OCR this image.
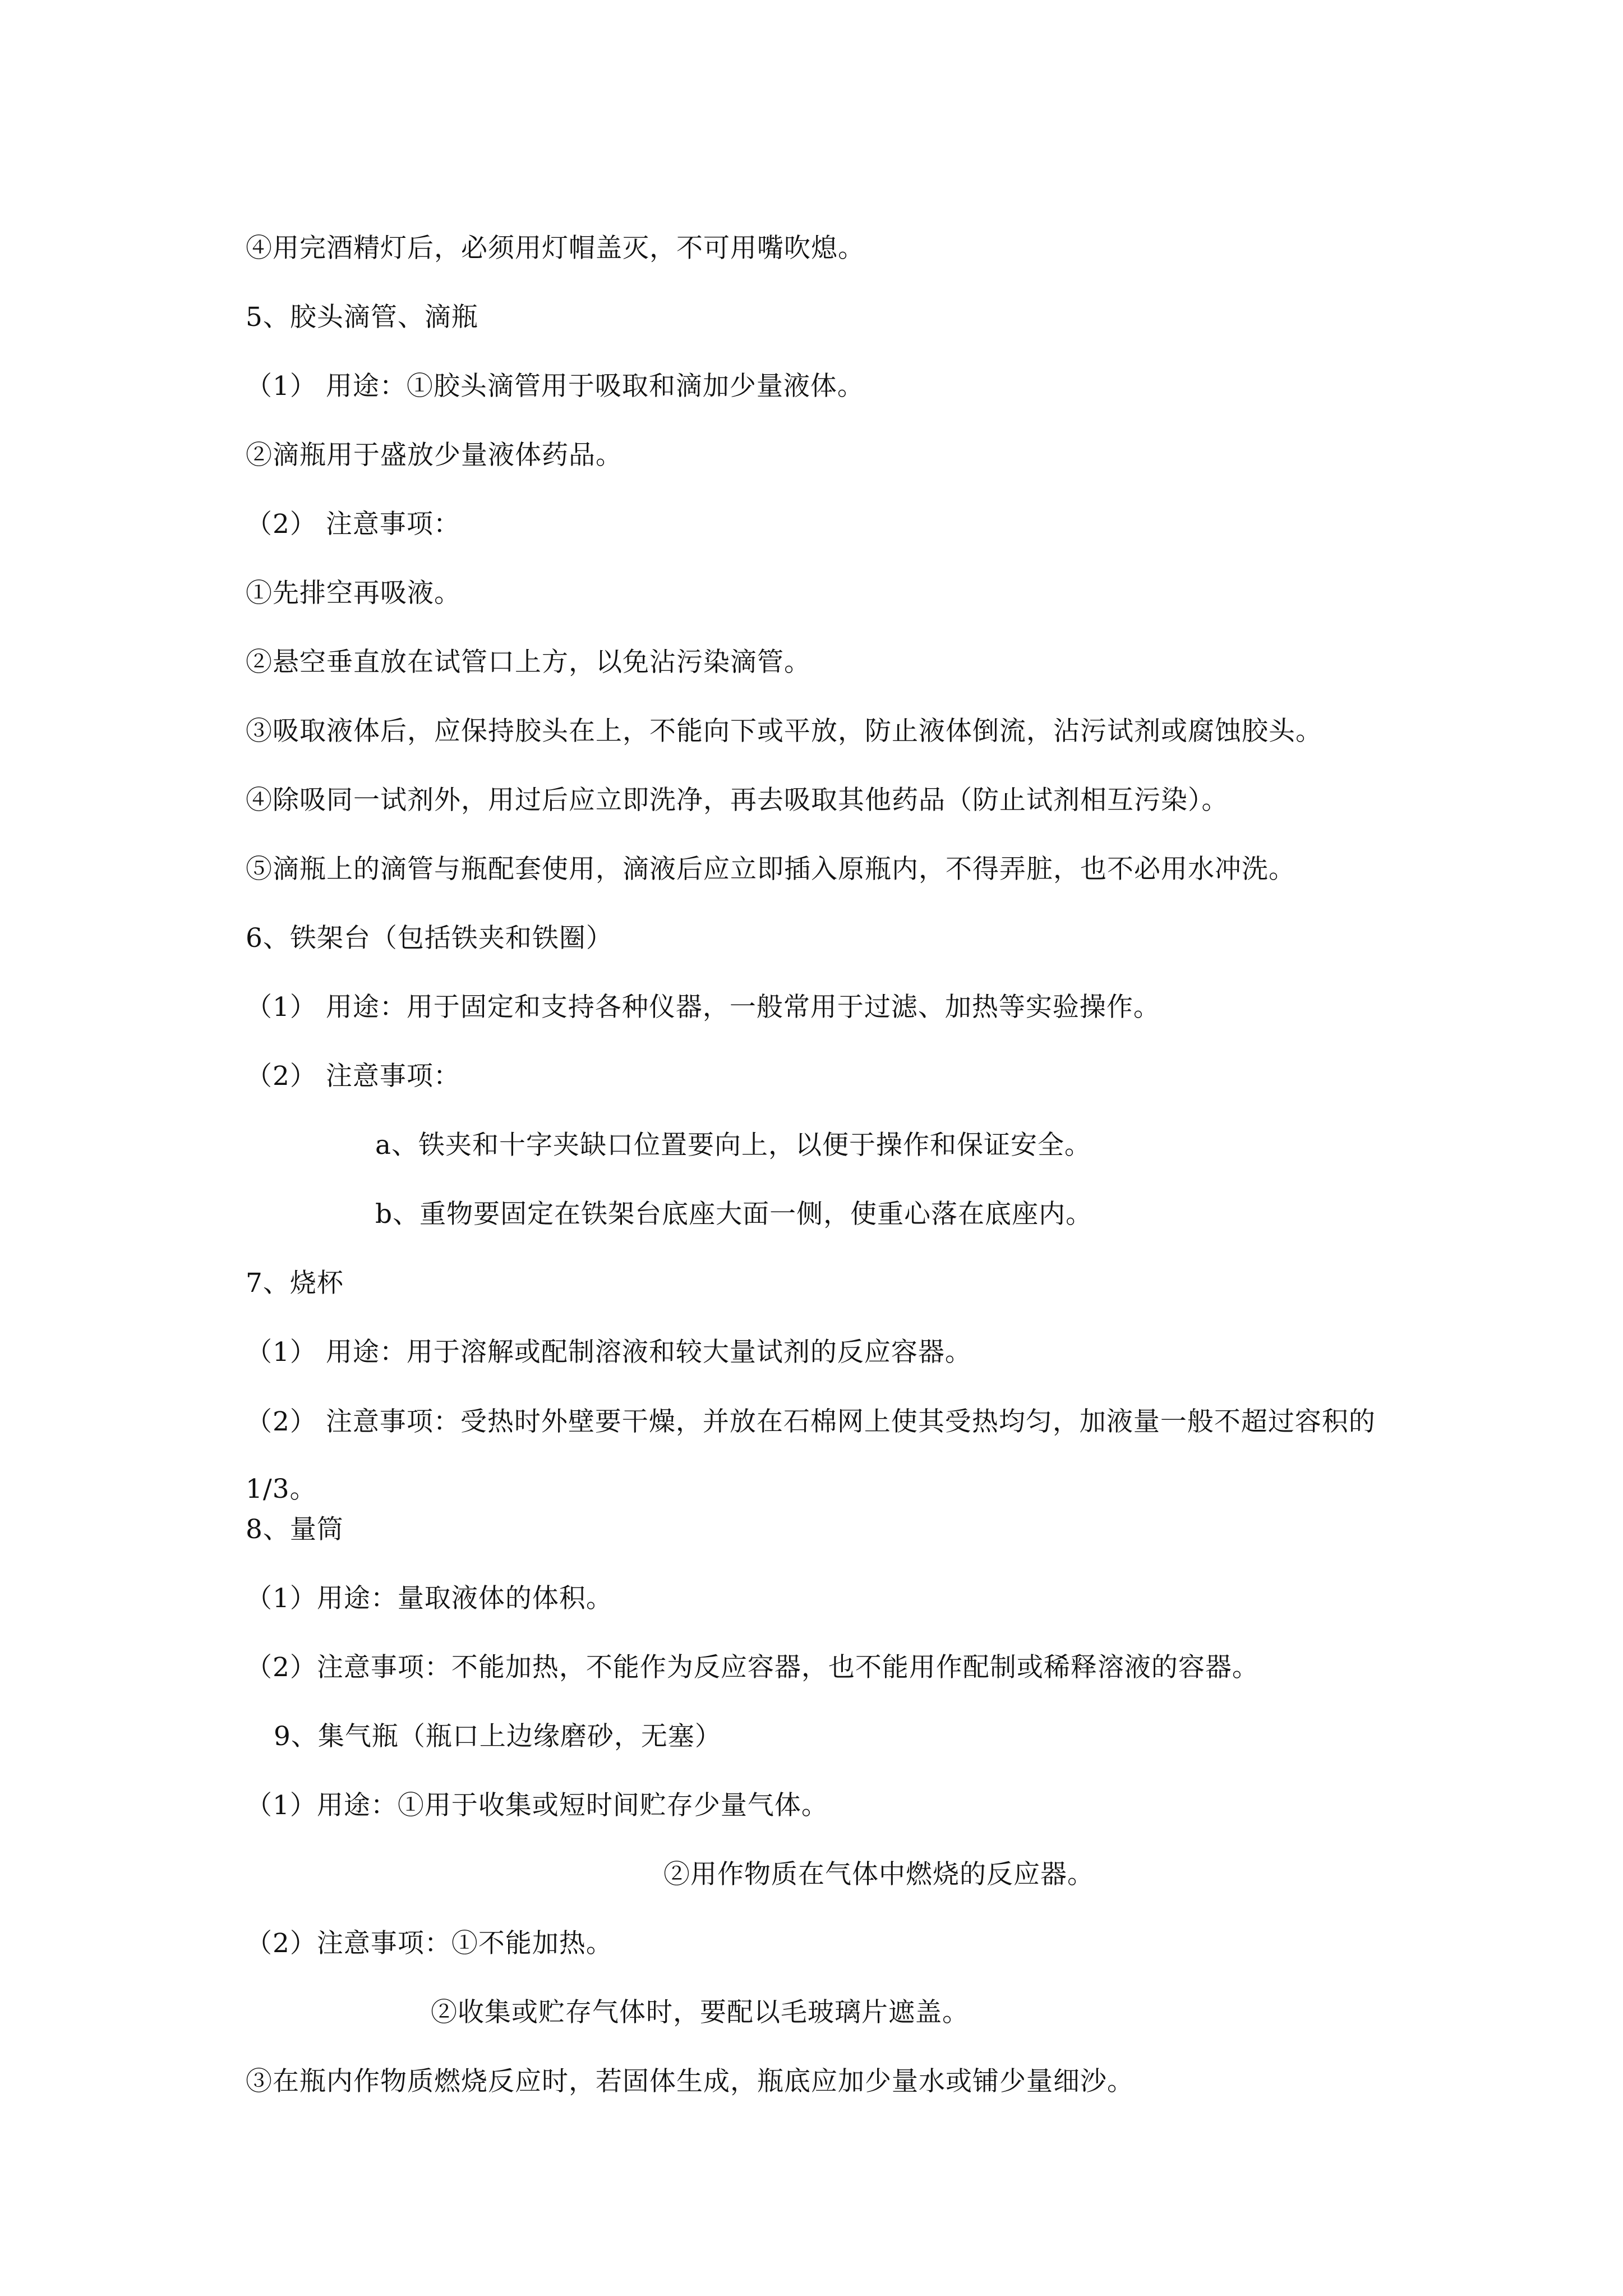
④用完酒精灯后，必须用灯帽盖灭，不可用嘴吹熄。

5、胶头滴管、滴瓶

（1） 用途：①胶头滴管用于吸取和滴加少量液体。

②滴瓶用于盛放少量液体药品。

（2） 注意事项：

①先排空再吸液。

②悬空垂直放在试管口上方，以免沾污染滴管。

③吸取液体后，应保持胶头在上，不能向下或平放，防止液体倒流，沾污试剂或腐蚀胶头。

④除吸同一试剂外，用过后应立即洗净，再去吸取其他药品（防止试剂相互污染）。

⑤滴瓶上的滴管与瓶配套使用，滴液后应立即插入原瓶内，不得弄脏，也不必用水冲洗。

6、铁架台（包括铁夹和铁圈）

（1） 用途：用于固定和支持各种仪器，一般常用于过滤、加热等实验操作。

（2） 注意事项：

a、铁夹和十字夹缺口位置要向上，以便于操作和保证安全。

b、重物要固定在铁架台底座大面一侧，使重心落在底座内。

7、烧杯

（1） 用途：用于溶解或配制溶液和较大量试剂的反应容器。

（2） 注意事项：受热时外壁要干燥，并放在石棉网上使其受热均匀，加液量一般不超过容积的 1/3。

8、量筒

（1）用途：量取液体的体积。

（2）注意事项：不能加热，不能作为反应容器，也不能用作配制或稀释溶液的容器。

9、集气瓶（瓶口上边缘磨砂，无塞）

（1）用途：①用于收集或短时间贮存少量气体。

②用作物质在气体中燃烧的反应器。

（2）注意事项：①不能加热。

②收集或贮存气体时，要配以毛玻璃片遮盖。

③在瓶内作物质燃烧反应时，若固体生成，瓶底应加少量水或铺少量细沙。
